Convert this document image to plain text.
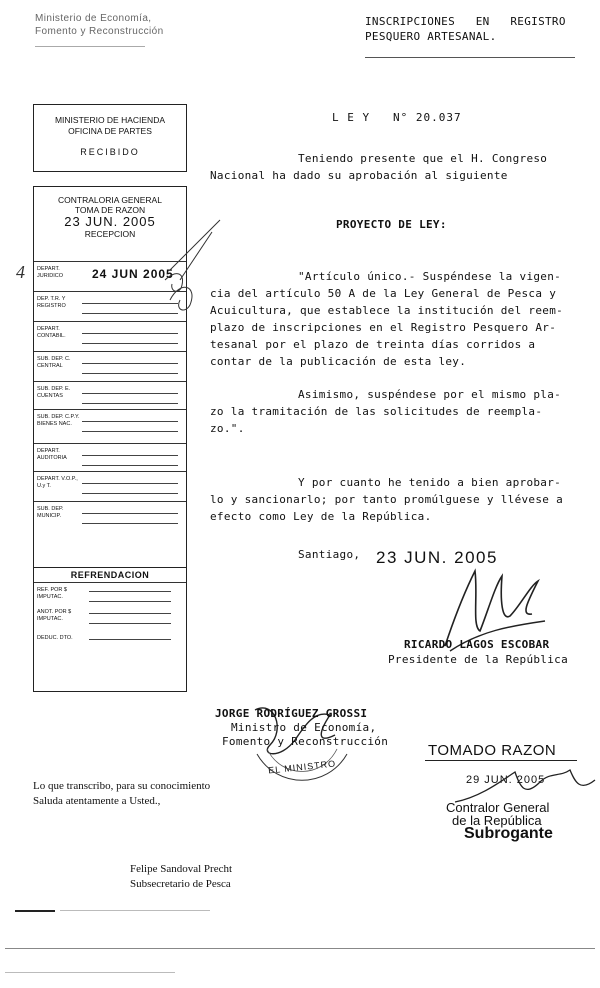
Ministerio de Economía,
Fomento y Reconstrucción
INSCRIPCIONES   EN   REGISTRO
PESQUERO ARTESANAL.
MINISTERIO DE HACIENDA
OFICINA DE PARTES
RECIBIDO
CONTRALORIA GENERAL
TOMA DE RAZON
23 JUN. 2005
RECEPCION
DEPART. JURIDICO	24 JUN 2005
DEP. T.R. Y REGISTRO
DEPART. CONTABIL.
SUB. DEP. C. CENTRAL
SUB. DEP. E. CUENTAS
SUB. DEP. C.P.Y. BIENES NAC.
DEPART. AUDITORIA
DEPART. V.O.P., U.y T.
SUB. DEP. MUNICIP.
REFRENDACION
REF. POR $ IMPUTAC.
ANOT. POR $ IMPUTAC.
DEDUC. DTO.
4
L E Y   N° 20.037
Teniendo presente que el H. Congreso
Nacional ha dado su aprobación al siguiente
PROYECTO DE LEY:
"Artículo único.- Suspéndese la vigen-
cia del artículo 50 A de la Ley General de Pesca y
Acuicultura, que establece la institución del reem-
plazo de inscripciones en el Registro Pesquero Ar-
tesanal por el plazo de treinta días corridos a
contar de la publicación de esta ley.
Asimismo, suspéndese por el mismo pla-
zo la tramitación de las solicitudes de reempla-
zo.".
Y por cuanto he tenido a bien aprobar-
lo y sancionarlo; por tanto promúlguese y llévese a
efecto como Ley de la República.
Santiago, 23 JUN. 2005
RICARDO LAGOS ESCOBAR
Presidente de la República
JORGE RODRÍGUEZ GROSSI
Ministro de Economía,
Fomento y Reconstrucción
EL MINISTRO
TOMADO RAZON
29 JUN. 2005
Contralor General
de la República
Subrogante
Lo que transcribo, para su conocimiento
Saluda atentamente a Usted.,
Felipe Sandoval Precht
Subsecretario de Pesca
